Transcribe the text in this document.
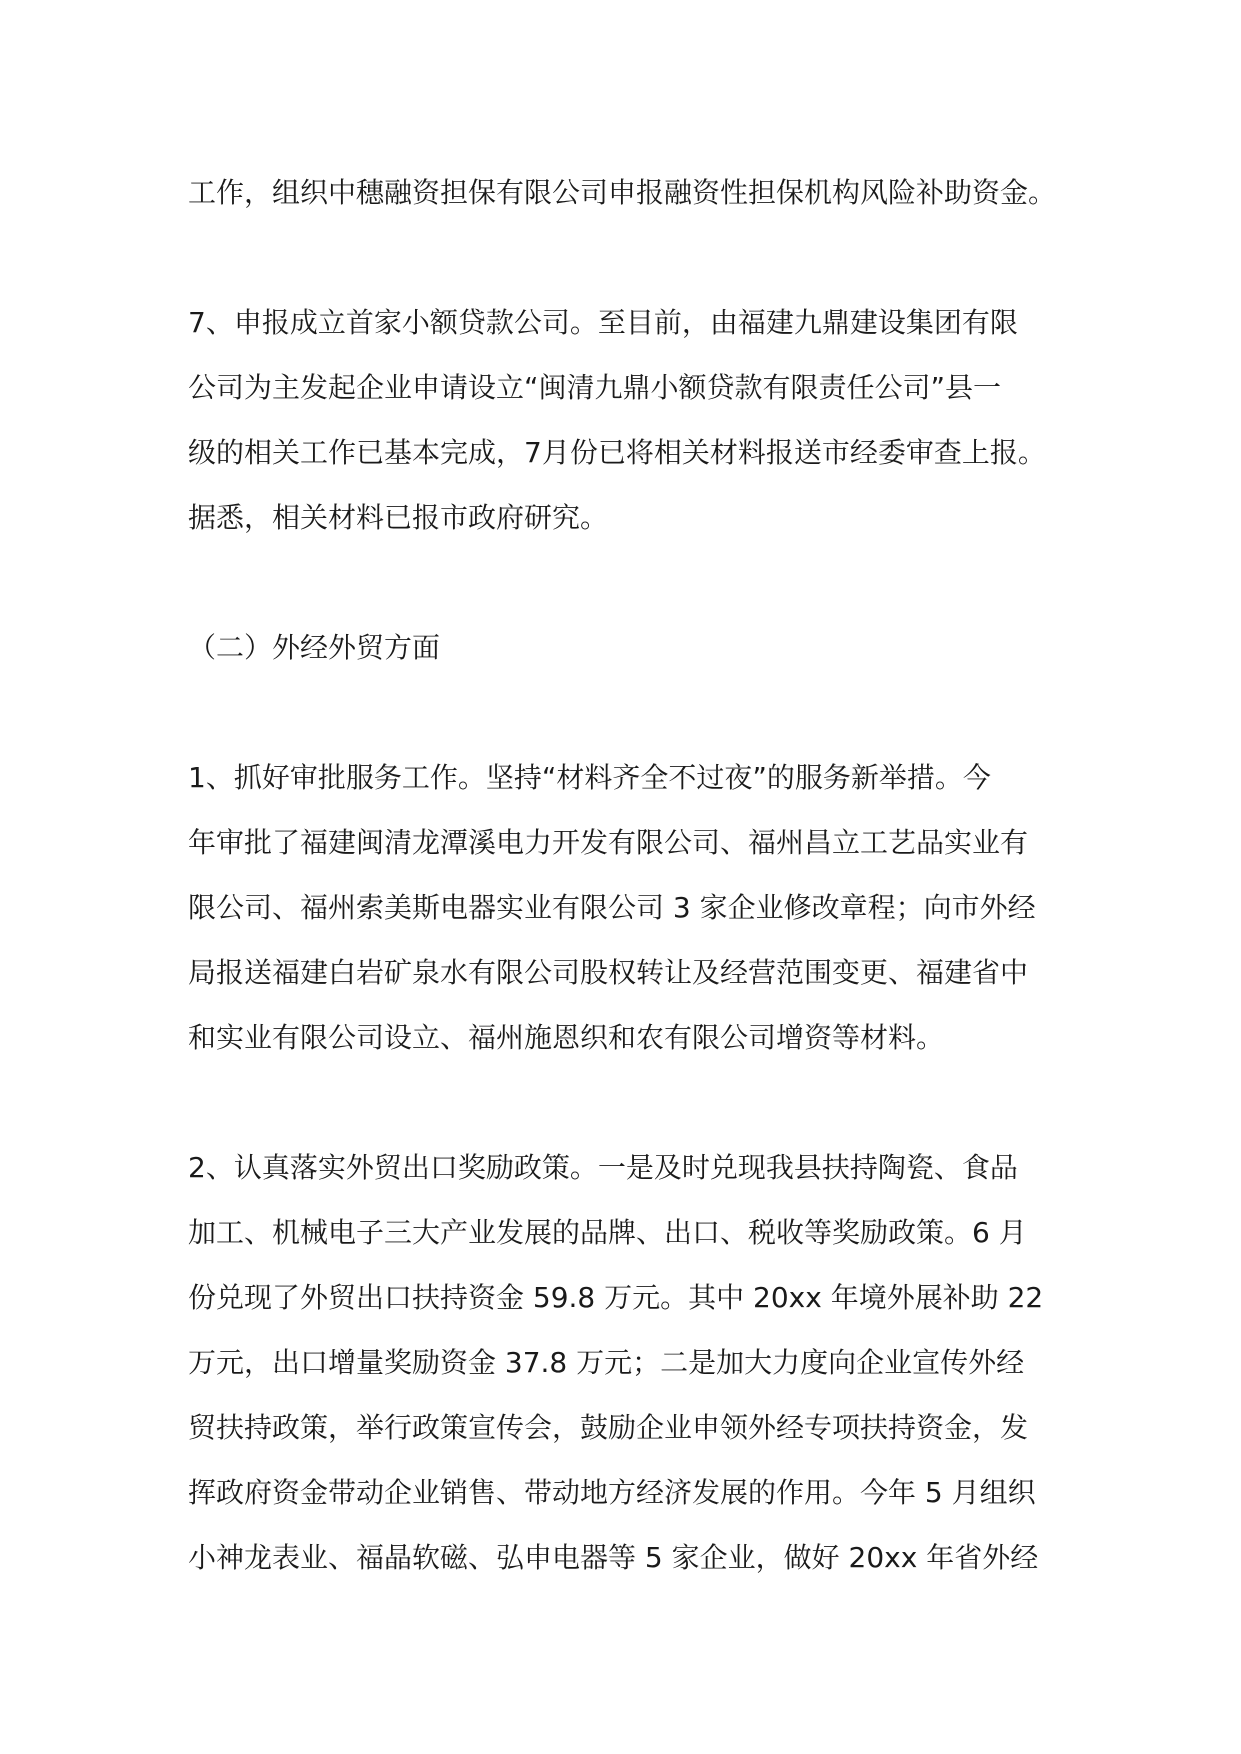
工作，组织中穗融资担保有限公司申报融资性担保机构风险补助资金。

7、申报成立首家小额贷款公司。至目前，由福建九鼎建设集团有限
公司为主发起企业申请设立“闽清九鼎小额贷款有限责任公司”县一
级的相关工作已基本完成，7月份已将相关材料报送市经委审查上报。
据悉，相关材料已报市政府研究。

（二）外经外贸方面

1、抓好审批服务工作。坚持“材料齐全不过夜”的服务新举措。今
年审批了福建闽清龙潭溪电力开发有限公司、福州昌立工艺品实业有
限公司、福州索美斯电器实业有限公司 3 家企业修改章程；向市外经
局报送福建白岩矿泉水有限公司股权转让及经营范围变更、福建省中
和实业有限公司设立、福州施恩织和农有限公司增资等材料。

2、认真落实外贸出口奖励政策。一是及时兑现我县扶持陶瓷、食品
加工、机械电子三大产业发展的品牌、出口、税收等奖励政策。6 月
份兑现了外贸出口扶持资金 59.8 万元。其中 20xx 年境外展补助 22
万元，出口增量奖励资金 37.8 万元；二是加大力度向企业宣传外经
贸扶持政策，举行政策宣传会，鼓励企业申领外经专项扶持资金，发
挥政府资金带动企业销售、带动地方经济发展的作用。今年 5 月组织
小神龙表业、福晶软磁、弘申电器等 5 家企业，做好 20xx 年省外经
